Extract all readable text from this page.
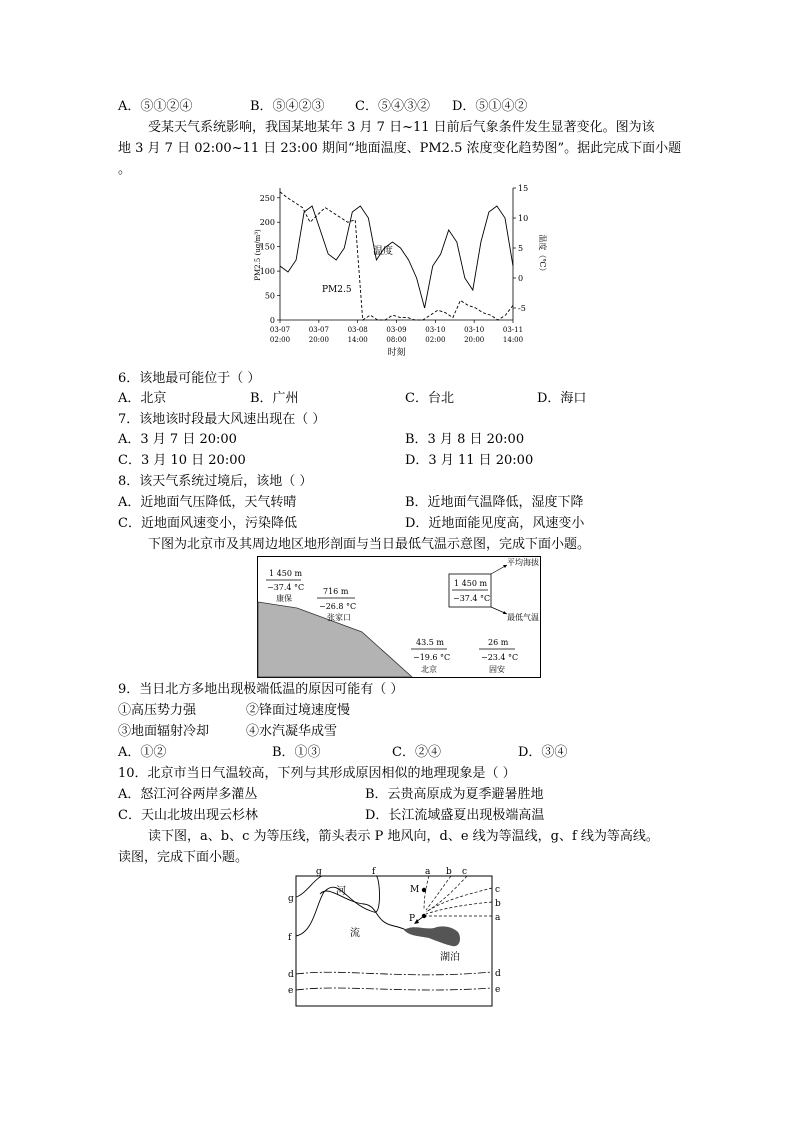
A．⑤①②④	B．⑤④②③ C．⑤④③② D．⑤①④②
受某天气系统影响，我国某地某年 3 月 7 日~11 日前后气象条件发生显著变化。图为该
地 3 月 7 日 02:00~11 日 23:00 期间“地面温度、PM2.5 浓度变化趋势图”。据此完成下面小题
。
0
50
100
150
200
250
-5
0
5
10
15
03-07
02:00
03-07
20:00
03-08
14:00
03-09
08:00
03-10
02:00
03-10
20:00
03-11
14:00
时刻
PM2.5 (ug/m³)	温度（℃）
温度
PM2.5
6．该地最可能位于（ ）
A．北京	B．广州	C．台北	D．海口
7．该地该时段最大风速出现在（ ）
A．3 月 7 日 20:00	B．3 月 8 日 20:00
C．3 月 10 日 20:00	D．3 月 11 日 20:00
8．该天气系统过境后，该地（ ）
A．近地面气压降低，天气转晴	B．近地面气温降低，湿度下降
C．近地面风速变小，污染降低	D．近地面能见度高，风速变小
下图为北京市及其周边地区地形剖面与当日最低气温示意图，完成下面小题。
1 450 m
−37.4 °C
康保
716 m
−26.8 °C
张家口
43.5 m
−19.6 °C
北京
26 m
−23.4 °C
固安
1 450 m
−37.4 °C
平均海拔
最低气温
9．当日北方多地出现极端低温的原因可能有（ ）
①高压势力强	②锋面过境速度慢
③地面辐射冷却	④水汽凝华成雪
A．①②	B．①③	C．②④	D．③④
10．北京市当日气温较高，下列与其形成原因相似的地理现象是（ ）
A．怒江河谷两岸多灌丛	B．云贵高原成为夏季避暑胜地
C．天山北坡出现云杉林	D．长江流域盛夏出现极端高温
读下图，a、b、c 为等压线，箭头表示 P 地风向，d、e 线为等温线，g、f 线为等高线。
读图，完成下面小题。
g	f	a b c
g
f
d
e
c
b
a
d
e
河
流
湖泊
M
P
